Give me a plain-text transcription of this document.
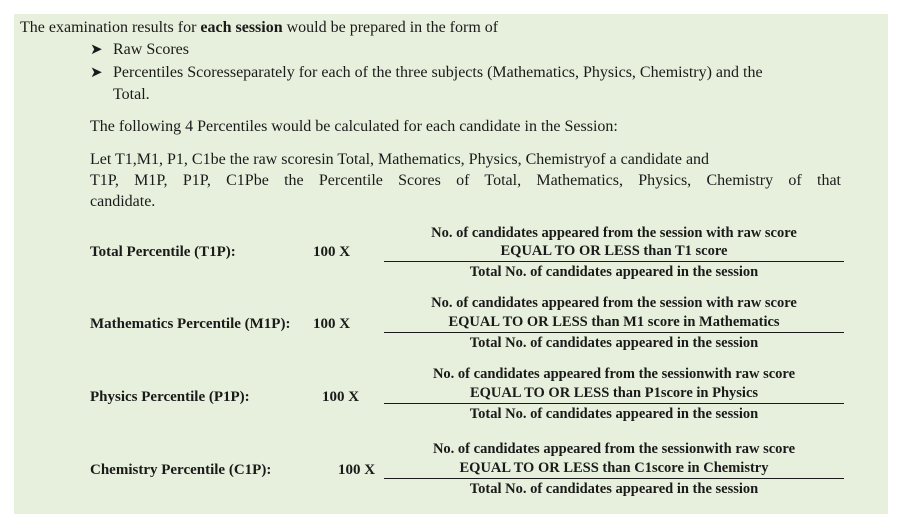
The examination results for each session would be prepared in the form of
➤ Raw Scores
➤ Percentiles Scoresseparately for each of the three subjects (Mathematics, Physics, Chemistry) and the
Total.
The following 4 Percentiles would be calculated for each candidate in the Session:
Let T1,M1, P1, C1be the raw scoresin Total, Mathematics, Physics, Chemistryof a candidate and
T1P, M1P, P1P, C1Pbe the Percentile Scores of Total, Mathematics, Physics, Chemistry of that
candidate.
Total Percentile (T1P):	100 X
No. of candidates appeared from the session with raw score
EQUAL TO OR LESS than T1 score
Total No. of candidates appeared in the session
Mathematics Percentile (M1P): 100 X
No. of candidates appeared from the session with raw score
EQUAL TO OR LESS than M1 score in Mathematics
Total No. of candidates appeared in the session
Physics Percentile (P1P):	100 X
No. of candidates appeared from the sessionwith raw score
EQUAL TO OR LESS than P1score in Physics
Total No. of candidates appeared in the session
Chemistry Percentile (C1P):	100 X
No. of candidates appeared from the sessionwith raw score
EQUAL TO OR LESS than C1score in Chemistry
Total No. of candidates appeared in the session
